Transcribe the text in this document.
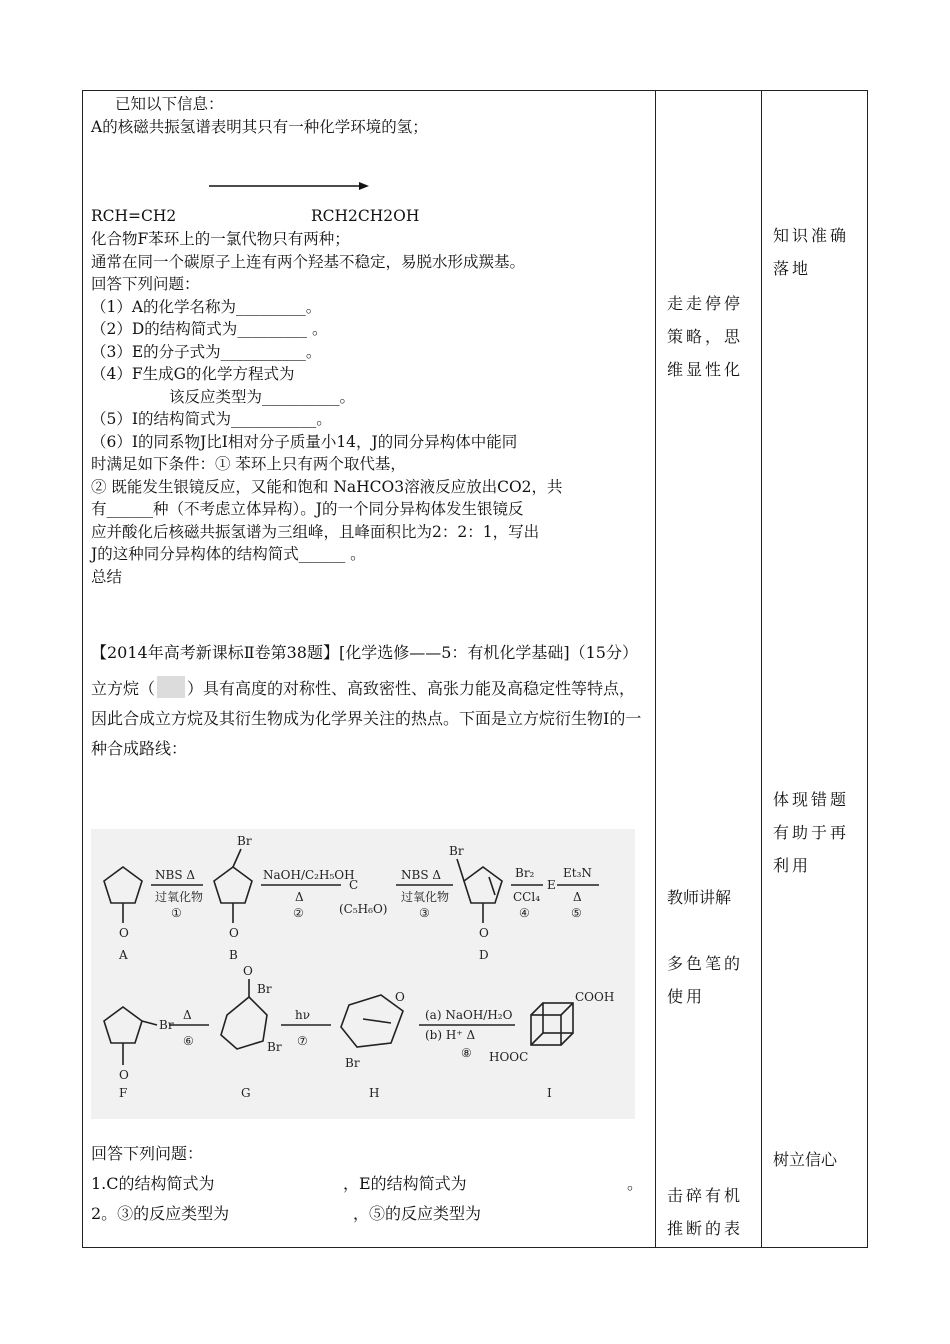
已知以下信息：
A的核磁共振氢谱表明其只有一种化学环境的氢；
RCH=CH2	RCH2CH2OH
化合物F苯环上的一氯代物只有两种；
通常在同一个碳原子上连有两个羟基不稳定，易脱水形成羰基。
回答下列问题：
（1）A的化学名称为_________。
（2）D的结构简式为_________ 。
（3）E的分子式为___________。
（4）F生成G的化学方程式为
该反应类型为__________。
（5）I的结构简式为___________。
（6）I的同系物J比I相对分子质量小14，J的同分异构体中能同
时满足如下条件：① 苯环上只有两个取代基，
② 既能发生银镜反应，又能和饱和 NaHCO3溶液反应放出CO2，共
有______种（不考虑立体异构）。J的一个同分异构体发生银镜反
应并酸化后核磁共振氢谱为三组峰，且峰面积比为2：2：1，写出
J的这种同分异构体的结构简式______ 。
总结
【2014年高考新课标Ⅱ卷第38题】[化学选修——5：有机化学基础]（15分）
立方烷（ ）具有高度的对称性、高致密性、高张力能及高稳定性等特点，因此合成立方烷及其衍生物成为化学界关注的热点。下面是立方烷衍生物I的一种合成路线：
A	B	D
O	O	O
Br
Br
NBS Δ
过氧化物
①
NaOH/C₂H₅OH
Δ
②
C
(C₅H₆O)
NBS Δ
过氧化物
③
Br₂
CCl₄
④
E
Et₃N
Δ
⑤
F	G	H	I
O
Br
Br
Br
O
Br
O
Δ
⑥
hν
⑦
(a) NaOH/H₂O
(b) H⁺ Δ
⑧
COOH
HOOC
回答下列问题：
1.C的结构简式为	，E的结构简式为	。
2。③的反应类型为	，⑤的反应类型为
知识准确落地
走走停停策略，思维显性化
体现错题有助于再利用
教师讲解
多色笔的使用
树立信心
击碎有机推断的表
